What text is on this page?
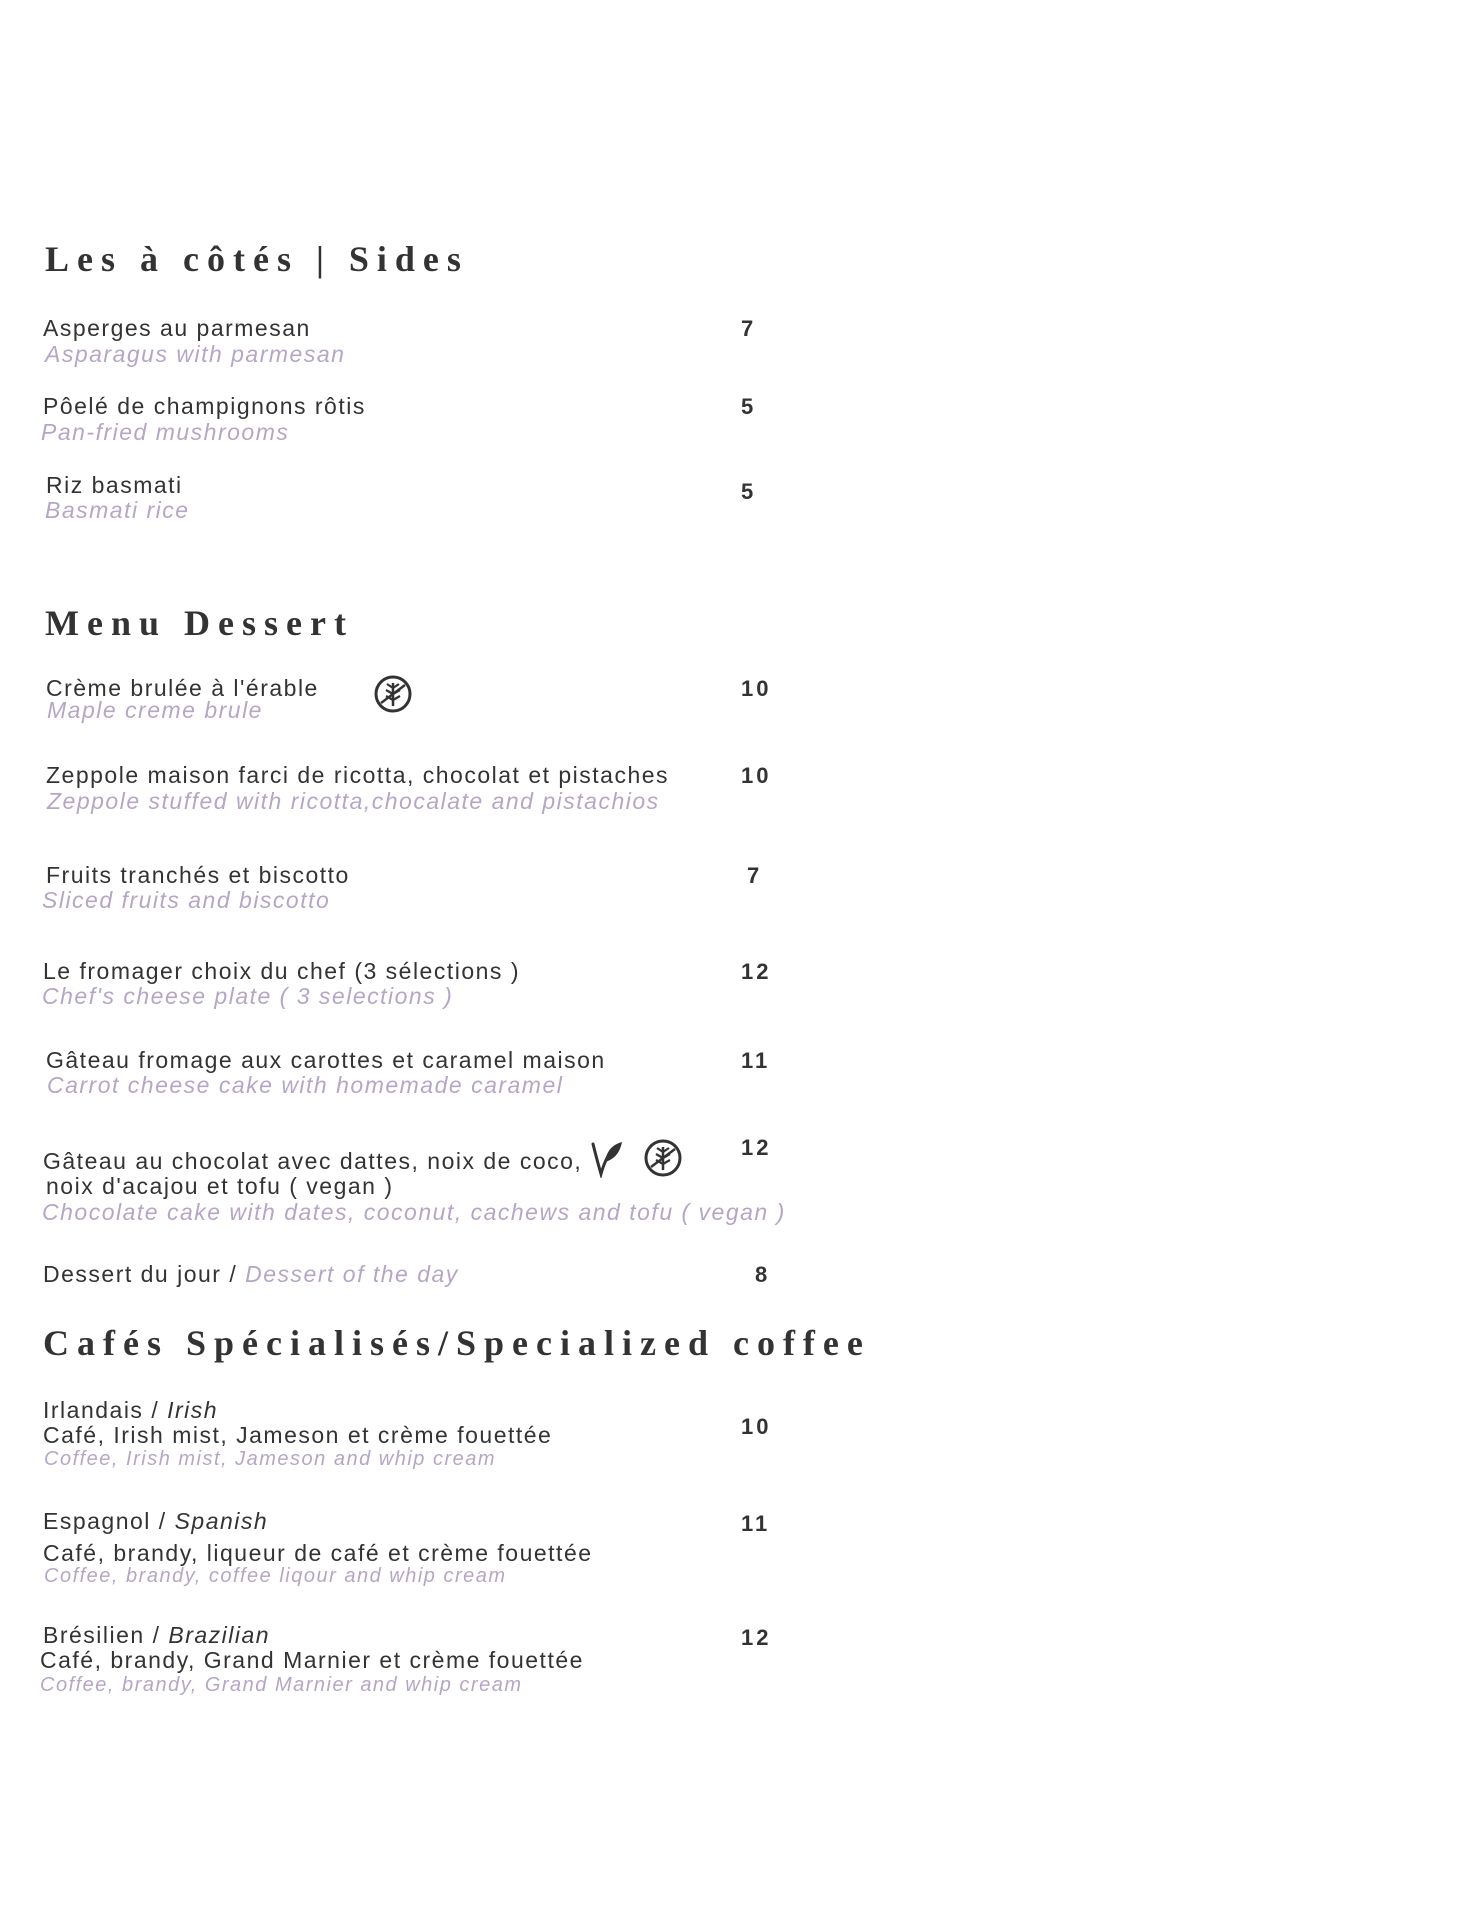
Les à côtés | Sides
Asperges au parmesan
Asparagus with parmesan
7
Pôelé de champignons rôtis
Pan-fried mushrooms
5
Riz basmati
Basmati rice
5
Menu Dessert
Crème brulée à l'érable
Maple creme brule
10
Zeppole maison farci de ricotta, chocolat et pistaches
Zeppole stuffed with ricotta,chocalate and pistachios
10
Fruits tranchés et biscotto
Sliced fruits and biscotto
7
Le fromager choix du chef (3 sélections )
Chef's cheese plate ( 3 selections )
12
Gâteau fromage aux carottes et caramel maison
Carrot cheese cake with homemade caramel
11
Gâteau au chocolat avec dattes, noix de coco,
noix d'acajou et tofu ( vegan )
Chocolate cake with dates, coconut, cachews and tofu ( vegan )
12
Dessert du jour / Dessert of the day	8
Cafés Spécialisés/Specialized coffee
Irlandais / Irish
Café, Irish mist, Jameson et crème fouettée
Coffee, Irish mist, Jameson and whip cream
10
Espagnol / Spanish
Café, brandy, liqueur de café et crème fouettée
Coffee, brandy, coffee liqour and whip cream
11
Brésilien / Brazilian
Café, brandy, Grand Marnier et crème fouettée
Coffee, brandy, Grand Marnier and whip cream
12
